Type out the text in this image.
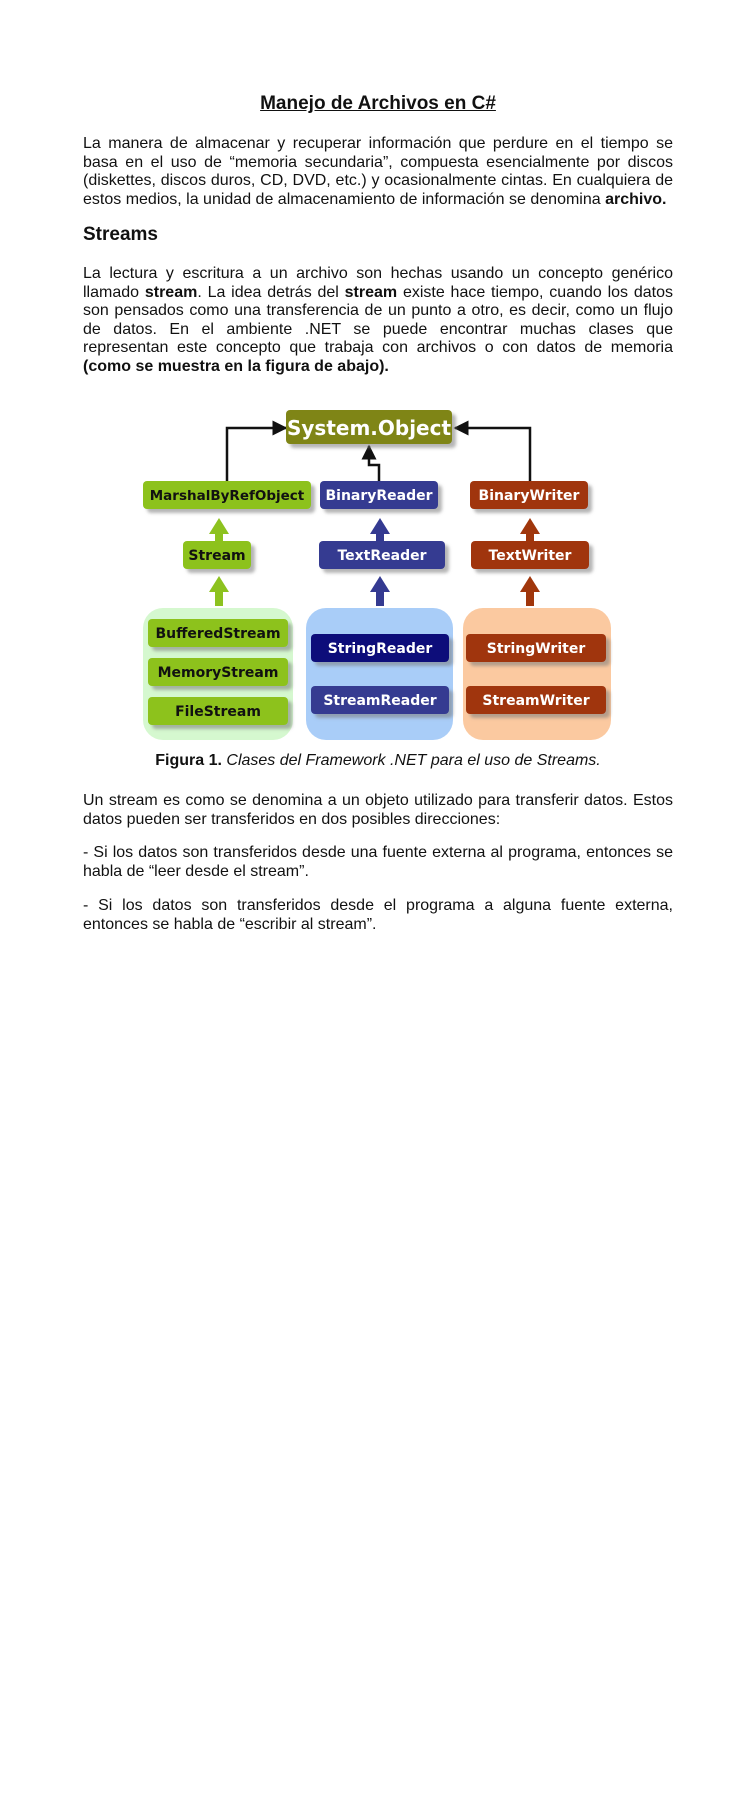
Manejo de Archivos en C#

La manera de almacenar y recuperar información que perdure en el tiempo se basa en el uso de “memoria secundaria”, compuesta esencialmente por discos (diskettes, discos duros, CD, DVD, etc.) y ocasionalmente cintas. En cualquiera de estos medios, la unidad de almacenamiento de información se denomina archivo.

Streams

La lectura y escritura a un archivo son hechas usando un concepto genérico llamado stream. La idea detrás del stream existe hace tiempo, cuando los datos son pensados como una transferencia de un punto a otro, es decir, como un flujo de datos. En el ambiente .NET se puede encontrar muchas clases que representan este concepto que trabaja con archivos o con datos de memoria (como se muestra en la figura de abajo).

System.Object
MarshalByRefObject BinaryReader	BinaryWriter
Stream	TextReader	TextWriter
BufferedStream
MemoryStream
FileStream
StringReader
StreamReader
StringWriter
StreamWriter

Figura 1. Clases del Framework .NET para el uso de Streams.

Un stream es como se denomina a un objeto utilizado para transferir datos. Estos datos pueden ser transferidos en dos posibles direcciones:

- Si los datos son transferidos desde una fuente externa al programa, entonces se habla de “leer desde el stream”.

- Si los datos son transferidos desde el programa a alguna fuente externa, entonces se habla de “escribir al stream”.
